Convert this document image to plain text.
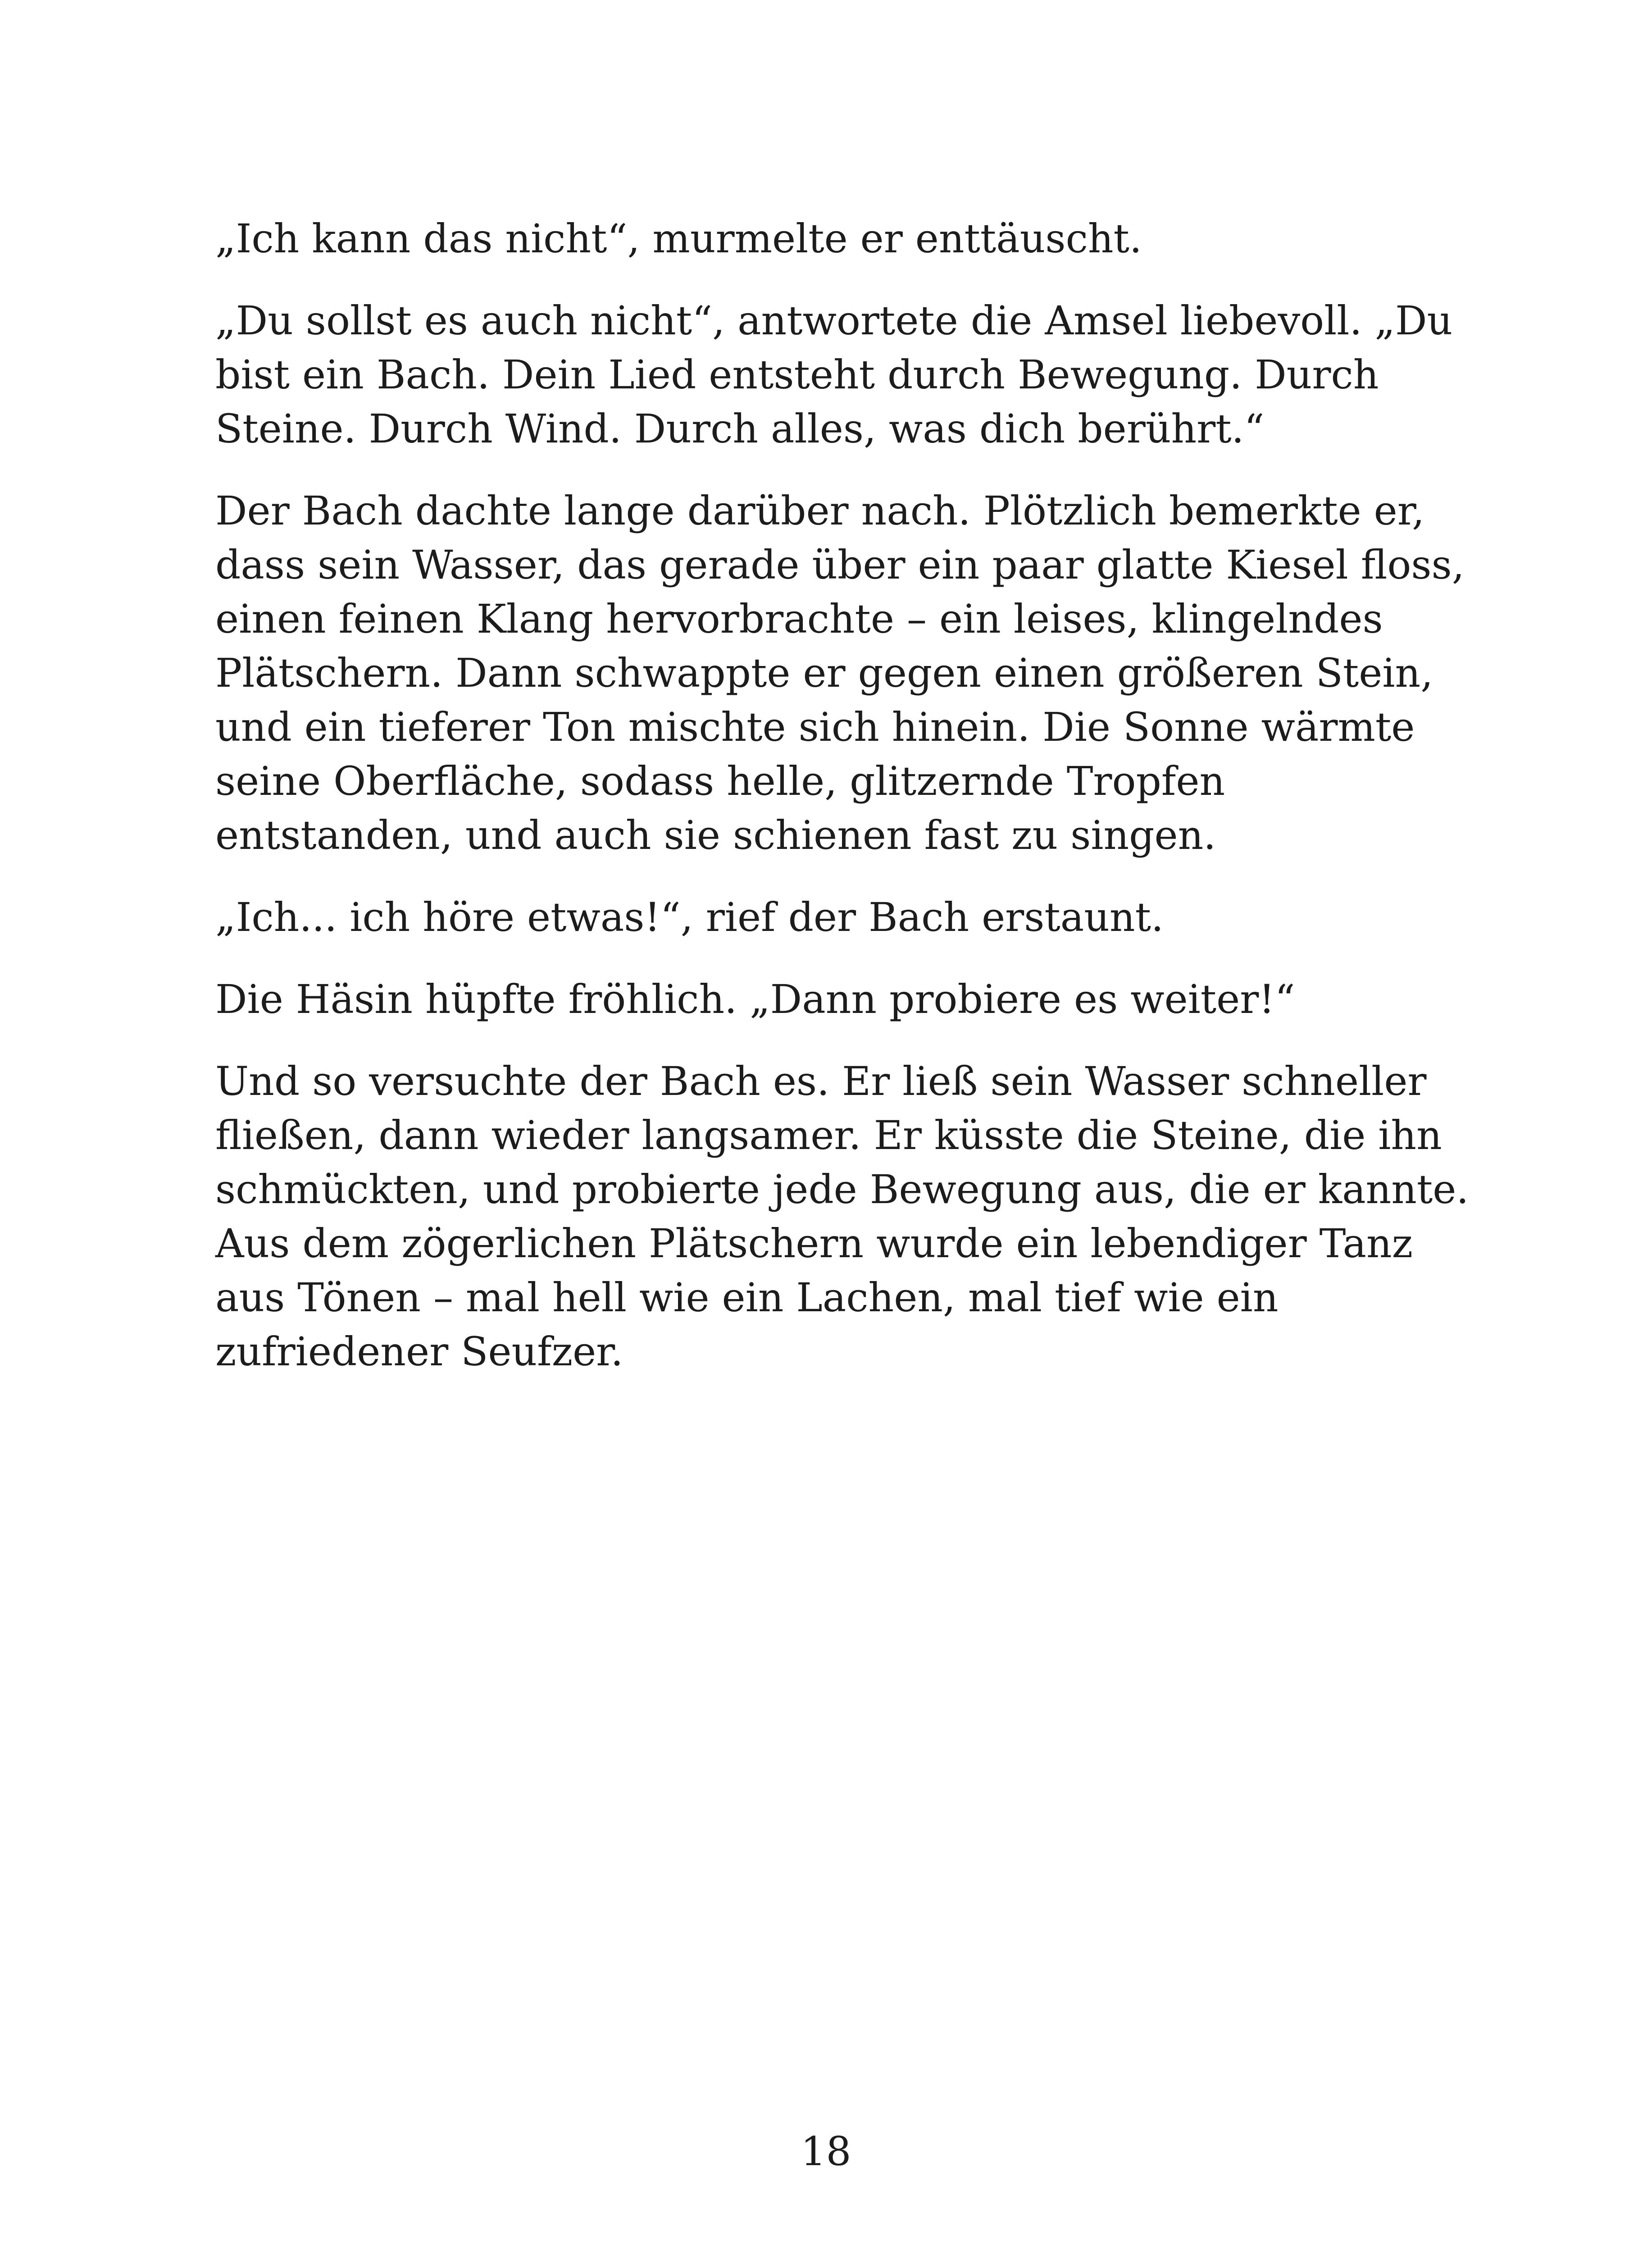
„Ich kann das nicht“, murmelte er enttäuscht.

„Du sollst es auch nicht“, antwortete die Amsel liebevoll. „Du
bist ein Bach. Dein Lied entsteht durch Bewegung. Durch
Steine. Durch Wind. Durch alles, was dich berührt.“

Der Bach dachte lange darüber nach. Plötzlich bemerkte er,
dass sein Wasser, das gerade über ein paar glatte Kiesel floss,
einen feinen Klang hervorbrachte – ein leises, klingelndes
Plätschern. Dann schwappte er gegen einen größeren Stein,
und ein tieferer Ton mischte sich hinein. Die Sonne wärmte
seine Oberfläche, sodass helle, glitzernde Tropfen
entstanden, und auch sie schienen fast zu singen.

„Ich... ich höre etwas!“, rief der Bach erstaunt.

Die Häsin hüpfte fröhlich. „Dann probiere es weiter!“

Und so versuchte der Bach es. Er ließ sein Wasser schneller
fließen, dann wieder langsamer. Er küsste die Steine, die ihn
schmückten, und probierte jede Bewegung aus, die er kannte.
Aus dem zögerlichen Plätschern wurde ein lebendiger Tanz
aus Tönen – mal hell wie ein Lachen, mal tief wie ein
zufriedener Seufzer.

18
